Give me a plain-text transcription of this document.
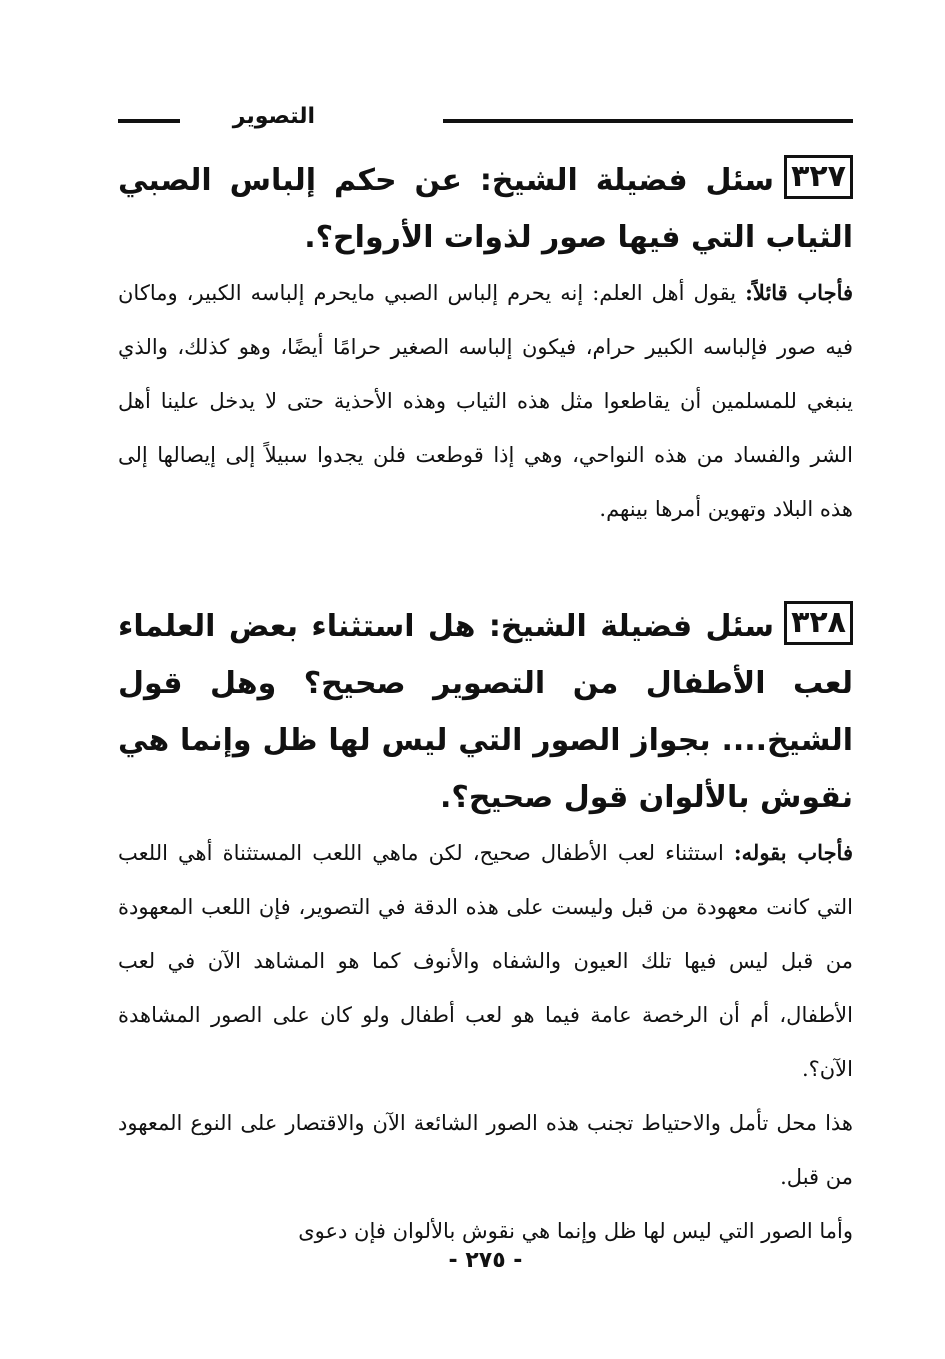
التصوير
٣٢٧سئل فضيلة الشيخ: عن حكم إلباس الصبي الثياب التي فيها صور لذوات الأرواح؟.
فأجاب قائلاً: يقول أهل العلم: إنه يحرم إلباس الصبي مايحرم إلباسه الكبير، وماكان فيه صور فإلباسه الكبير حرام، فيكون إلباسه الصغير حرامًا أيضًا، وهو كذلك، والذي ينبغي للمسلمين أن يقاطعوا مثل هذه الثياب وهذه الأحذية حتى لا يدخل علينا أهل الشر والفساد من هذه النواحي، وهي إذا قوطعت فلن يجدوا سبيلاً إلى إيصالها إلى هذه البلاد وتهوين أمرها بينهم.
٣٢٨سئل فضيلة الشيخ: هل استثناء بعض العلماء لعب الأطفال من التصوير صحيح؟ وهل قول الشيخ.... بجواز الصور التي ليس لها ظل وإنما هي نقوش بالألوان قول صحيح؟.
فأجاب بقوله: استثناء لعب الأطفال صحيح، لكن ماهي اللعب المستثناة أهي اللعب التي كانت معهودة من قبل وليست على هذه الدقة في التصوير، فإن اللعب المعهودة من قبل ليس فيها تلك العيون والشفاه والأنوف كما هو المشاهد الآن في لعب الأطفال، أم أن الرخصة عامة فيما هو لعب أطفال ولو كان على الصور المشاهدة الآن؟.
هذا محل تأمل والاحتياط تجنب هذه الصور الشائعة الآن والاقتصار على النوع المعهود من قبل.
وأما الصور التي ليس لها ظل وإنما هي نقوش بالألوان فإن دعوى
- ٢٧٥ -
